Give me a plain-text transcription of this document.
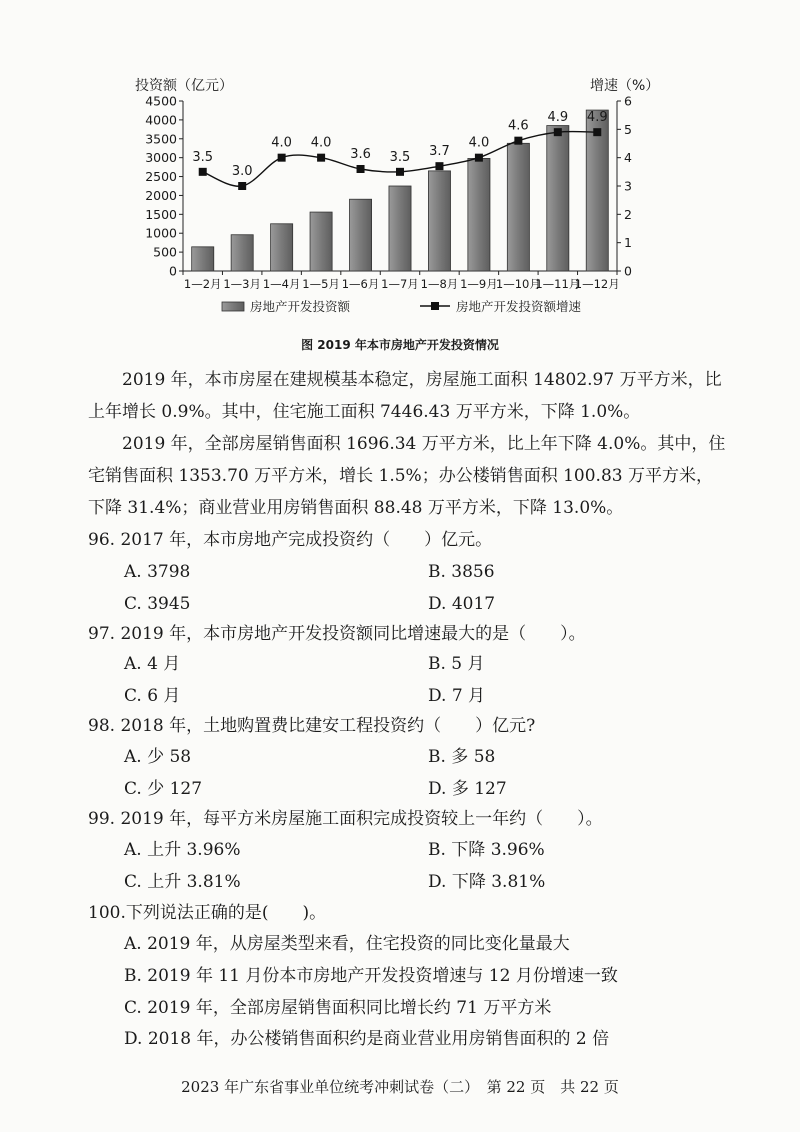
0
500
1000
1500
2000
2500
3000
3500
4000
4500
0
1
2
3
4
5
6
1—2月 1—3月 1—4月 1—5月 1—6月 1—7月 1—8月 1—9月
1—10月
1—11月
1—12月
投资额（亿元）	增速（%）
3.5
3.0
4.0 4.0
3.6 3.5 3.7
4.0
4.6
4.9 4.9
房地产开发投资额	房地产开发投资额增速
图 2019 年本市房地产开发投资情况

2019 年，本市房屋在建规模基本稳定，房屋施工面积 14802.97 万平方米，比上年增长 0.9%。其中，住宅施工面积 7446.43 万平方米，下降 1.0%。

2019 年，全部房屋销售面积 1696.34 万平方米，比上年下降 4.0%。其中，住宅销售面积 1353.70 万平方米，增长 1.5%；办公楼销售面积 100.83 万平方米，下降 31.4%；商业营业用房销售面积 88.48 万平方米，下降 13.0%。

96. 2017 年，本市房地产完成投资约（　　）亿元。
A. 3798	B. 3856
C. 3945	D. 4017
97. 2019 年，本市房地产开发投资额同比增速最大的是（　　）。
A. 4 月	B. 5 月
C. 6 月	D. 7 月
98. 2018 年，土地购置费比建安工程投资约（　　）亿元?
A. 少 58	B. 多 58
C. 少 127	D. 多 127
99. 2019 年，每平方米房屋施工面积完成投资较上一年约（　　）。
A. 上升 3.96%	B. 下降 3.96%
C. 上升 3.81%	D. 下降 3.81%
100.下列说法正确的是(　　)。
A. 2019 年，从房屋类型来看，住宅投资的同比变化量最大
B. 2019 年 11 月份本市房地产开发投资增速与 12 月份增速一致
C. 2019 年，全部房屋销售面积同比增长约 71 万平方米
D. 2018 年，办公楼销售面积约是商业营业用房销售面积的 2 倍
2023 年广东省事业单位统考冲刺试卷（二）　第 22 页　共 22 页
